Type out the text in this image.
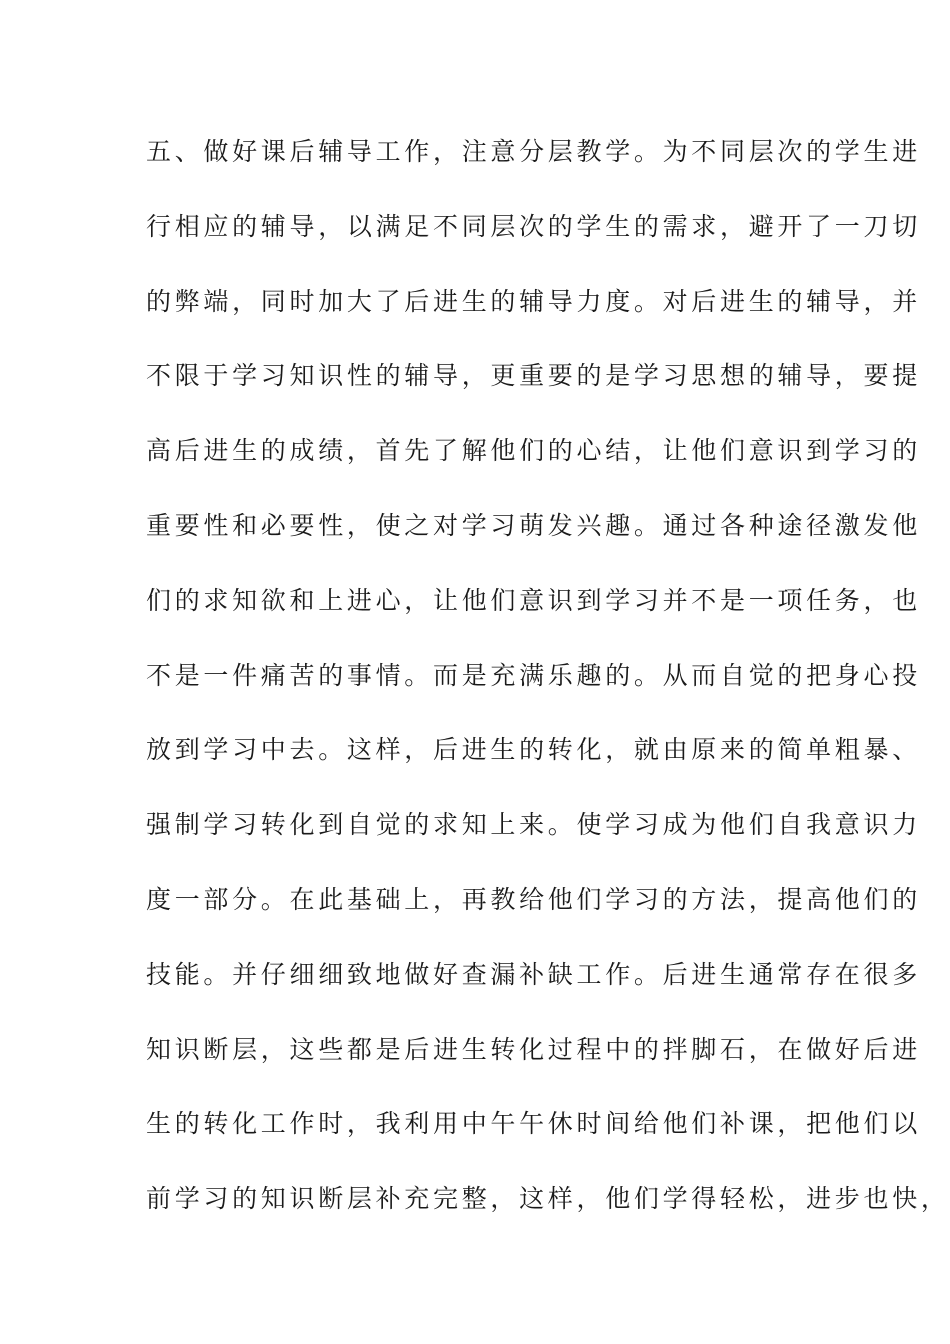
五、做好课后辅导工作，注意分层教学。为不同层次的学生进
行相应的辅导，以满足不同层次的学生的需求，避开了一刀切
的弊端，同时加大了后进生的辅导力度。对后进生的辅导，并
不限于学习知识性的辅导，更重要的是学习思想的辅导，要提
高后进生的成绩，首先了解他们的心结，让他们意识到学习的
重要性和必要性，使之对学习萌发兴趣。通过各种途径激发他
们的求知欲和上进心，让他们意识到学习并不是一项任务，也
不是一件痛苦的事情。而是充满乐趣的。从而自觉的把身心投
放到学习中去。这样，后进生的转化，就由原来的简单粗暴、
强制学习转化到自觉的求知上来。使学习成为他们自我意识力
度一部分。在此基础上，再教给他们学习的方法，提高他们的
技能。并仔细细致地做好查漏补缺工作。后进生通常存在很多
知识断层，这些都是后进生转化过程中的拌脚石，在做好后进
生的转化工作时，我利用中午午休时间给他们补课，把他们以
前学习的知识断层补充完整，这样，他们学得轻松，进步也快，
